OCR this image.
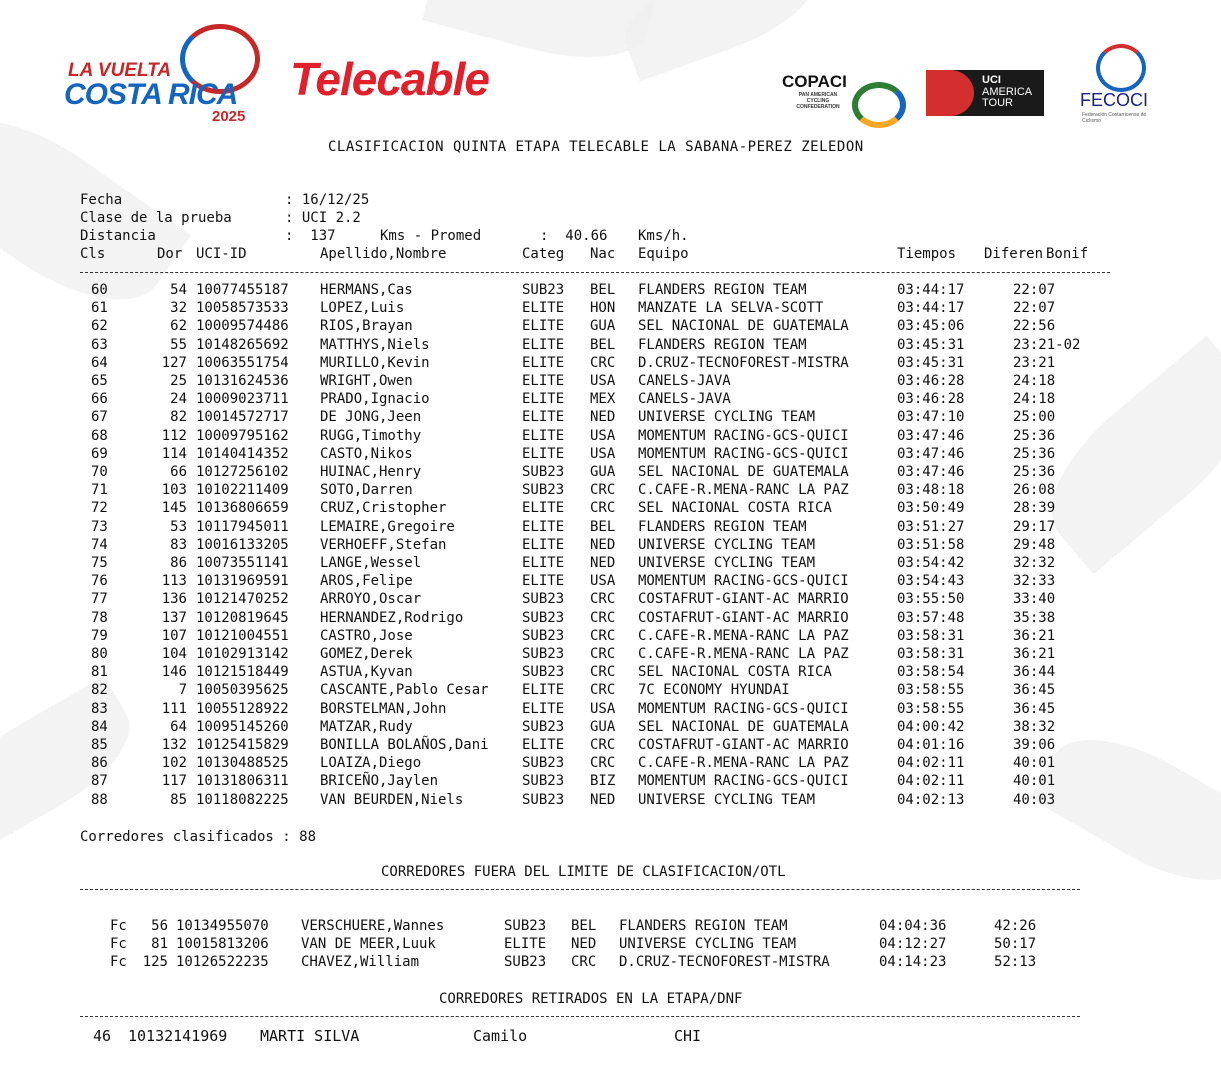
LA VUELTA
COSTA RICA
2025
Telecable	COPACI
PAN AMERICAN CYCLING CONFEDERATION
UCI
AMERICA TOUR	FECOCI
Federación Costarricense de Ciclismo
CLASIFICACION QUINTA ETAPA TELECABLE LA SABANA-PEREZ ZELEDON
Fecha	: 16/12/25
Clase de la prueba	: UCI 2.2
Distancia	:  137	Kms - Promed	:  40.66 Kms/h.
Cls	Dor UCI-ID	Apellido,Nombre	Categ Nac Equipo	Tiempos Diferen Bonif
60	54 10077455187 HERMANS,Cas	SUB23 BEL FLANDERS REGION TEAM	03:44:17	22:07
61	32 10058573533 LOPEZ,Luis	ELITE HON MANZATE LA SELVA-SCOTT	03:44:17	22:07
62	62 10009574486 RIOS,Brayan	ELITE GUA SEL NACIONAL DE GUATEMALA	03:45:06	22:56
63	55 10148265692 MATTHYS,Niels	ELITE BEL FLANDERS REGION TEAM	03:45:31	23:21-02
64	127 10063551754 MURILLO,Kevin	ELITE CRC D.CRUZ-TECNOFOREST-MISTRA	03:45:31	23:21
65	25 10131624536 WRIGHT,Owen	ELITE USA CANELS-JAVA	03:46:28	24:18
66	24 10009023711 PRADO,Ignacio	ELITE MEX CANELS-JAVA	03:46:28	24:18
67	82 10014572717 DE JONG,Jeen	ELITE NED UNIVERSE CYCLING TEAM	03:47:10	25:00
68	112 10009795162 RUGG,Timothy	ELITE USA MOMENTUM RACING-GCS-QUICI	03:47:46	25:36
69	114 10140414352 CASTO,Nikos	ELITE USA MOMENTUM RACING-GCS-QUICI	03:47:46	25:36
70	66 10127256102 HUINAC,Henry	SUB23 GUA SEL NACIONAL DE GUATEMALA	03:47:46	25:36
71	103 10102211409 SOTO,Darren	SUB23 CRC C.CAFE-R.MENA-RANC LA PAZ	03:48:18	26:08
72	145 10136806659 CRUZ,Cristopher	ELITE CRC SEL NACIONAL COSTA RICA	03:50:49	28:39
73	53 10117945011 LEMAIRE,Gregoire	ELITE BEL FLANDERS REGION TEAM	03:51:27	29:17
74	83 10016133205 VERHOEFF,Stefan	ELITE NED UNIVERSE CYCLING TEAM	03:51:58	29:48
75	86 10073551141 LANGE,Wessel	ELITE NED UNIVERSE CYCLING TEAM	03:54:42	32:32
76	113 10131969591 AROS,Felipe	ELITE USA MOMENTUM RACING-GCS-QUICI	03:54:43	32:33
77	136 10121470252 ARROYO,Oscar	SUB23 CRC COSTAFRUT-GIANT-AC MARRIO	03:55:50	33:40
78	137 10120819645 HERNANDEZ,Rodrigo	SUB23 CRC COSTAFRUT-GIANT-AC MARRIO	03:57:48	35:38
79	107 10121004551 CASTRO,Jose	SUB23 CRC C.CAFE-R.MENA-RANC LA PAZ	03:58:31	36:21
80	104 10102913142 GOMEZ,Derek	SUB23 CRC C.CAFE-R.MENA-RANC LA PAZ	03:58:31	36:21
81	146 10121518449 ASTUA,Kyvan	SUB23 CRC SEL NACIONAL COSTA RICA	03:58:54	36:44
82	7 10050395625 CASCANTE,Pablo Cesar ELITE CRC 7C ECONOMY HYUNDAI	03:58:55	36:45
83	111 10055128922 BORSTELMAN,John	ELITE USA MOMENTUM RACING-GCS-QUICI	03:58:55	36:45
84	64 10095145260 MATZAR,Rudy	SUB23 GUA SEL NACIONAL DE GUATEMALA	04:00:42	38:32
85	132 10125415829 BONILLA BOLAÑOS,Dani ELITE CRC COSTAFRUT-GIANT-AC MARRIO	04:01:16	39:06
86	102 10130488525 LOAIZA,Diego	SUB23 CRC C.CAFE-R.MENA-RANC LA PAZ	04:02:11	40:01
87	117 10131806311 BRICEÑO,Jaylen	SUB23 BIZ MOMENTUM RACING-GCS-QUICI	04:02:11	40:01
88	85 10118082225 VAN BEURDEN,Niels	SUB23 NED UNIVERSE CYCLING TEAM	04:02:13	40:03
Corredores clasificados : 88
CORREDORES FUERA DEL LIMITE DE CLASIFICACION/OTL
Fc 56 10134955070 VERSCHUERE,Wannes	SUB23 BEL FLANDERS REGION TEAM	04:04:36	42:26
Fc 81 10015813206 VAN DE MEER,Luuk	ELITE NED UNIVERSE CYCLING TEAM	04:12:27	50:17
Fc 125 10126522235 CHAVEZ,William	SUB23 CRC D.CRUZ-TECNOFOREST-MISTRA	04:14:23	52:13
CORREDORES RETIRADOS EN LA ETAPA/DNF
46 10132141969 MARTI SILVA	Camilo	CHI
